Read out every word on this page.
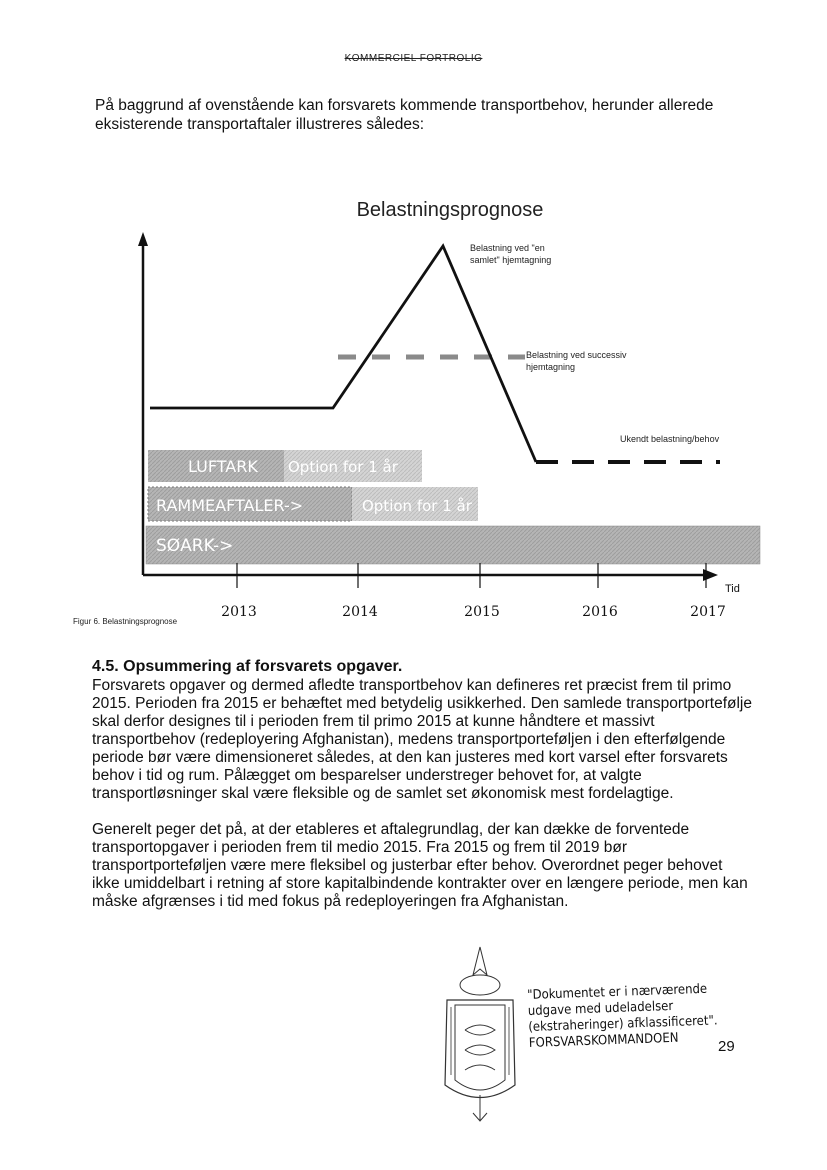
KOMMERCIEL FORTROLIG
På baggrund af ovenstående kan forsvarets kommende transportbehov, herunder allerede eksisterende transportaftaler illustreres således:
Belastningsprognose
Tid
SØARK->
RAMMEAFTALER->	Option for 1 år
LUFTARK Option for 1 år
Belastning ved "en samlet" hjemtagning
Belastning ved successiv hjemtagning
Ukendt belastning/behov
2013	2014	2015	2016	2017
Figur 6. Belastningsprognose
4.5. Opsummering af forsvarets opgaver.

Forsvarets opgaver og dermed afledte transportbehov kan defineres ret præcist frem til primo 2015. Perioden fra 2015 er behæftet med betydelig usikkerhed. Den samlede transportportefølje skal derfor designes til i perioden frem til primo 2015 at kunne håndtere et massivt transportbehov (redeployering Afghanistan), medens transportporteføljen i den efterfølgende periode bør være dimensioneret således, at den kan justeres med kort varsel efter forsvarets behov i tid og rum. Pålægget om besparelser understreger behovet for, at valgte transportløsninger skal være fleksible og de samlet set økonomisk mest fordelagtige.

Generelt peger det på, at der etableres et aftalegrundlag, der kan dække de forventede transportopgaver i perioden frem til medio 2015. Fra 2015 og frem til 2019 bør transportporteføljen være mere fleksibel og justerbar efter behov. Overordnet peger behovet ikke umiddelbart i retning af store kapitalbindende kontrakter over en længere periode, men kan måske afgrænses i tid med fokus på redeployeringen fra Afghanistan.

"Dokumentet er i nærværende
udgave med udeladelser
(ekstraheringer) afklassificeret".
FORSVARSKOMMANDOEN	29
